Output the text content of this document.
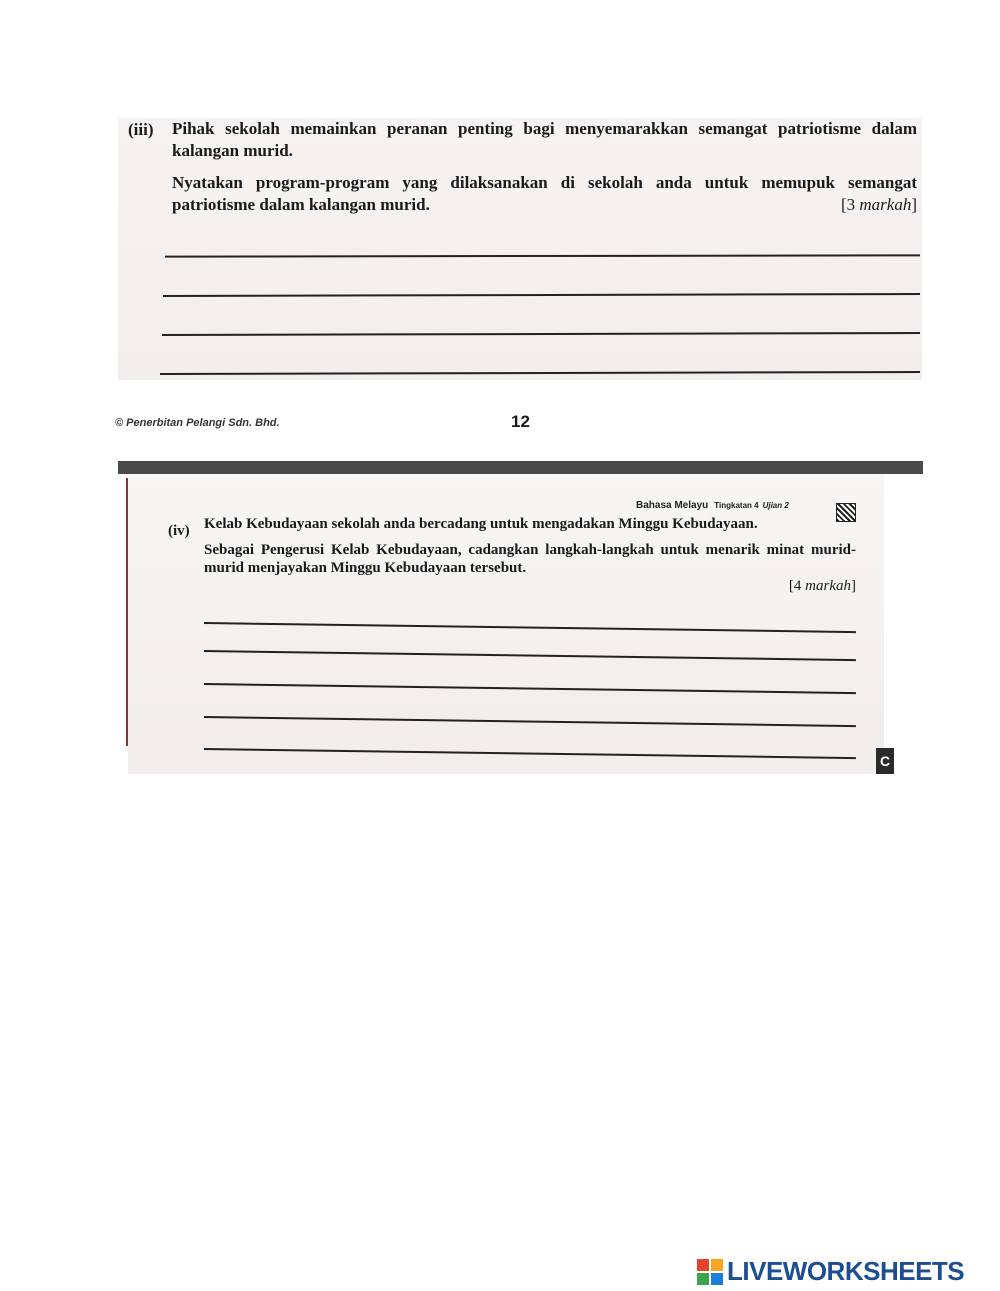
(iii) Pihak sekolah memainkan peranan penting bagi menyemarakkan semangat patriotisme dalam kalangan murid.

Nyatakan program-program yang dilaksanakan di sekolah anda untuk memupuk semangat patriotisme dalam kalangan murid.	[3 markah]

© Penerbitan Pelangi Sdn. Bhd.	12
Bahasa Melayu Tingkatan 4 Ujian 2
(iv) Kelab Kebudayaan sekolah anda bercadang untuk mengadakan Minggu Kebudayaan.

Sebagai Pengerusi Kelab Kebudayaan, cadangkan langkah-langkah untuk menarik minat murid-murid menjayakan Minggu Kebudayaan tersebut.

[4 markah]

C
LIVEWORKSHEETS
